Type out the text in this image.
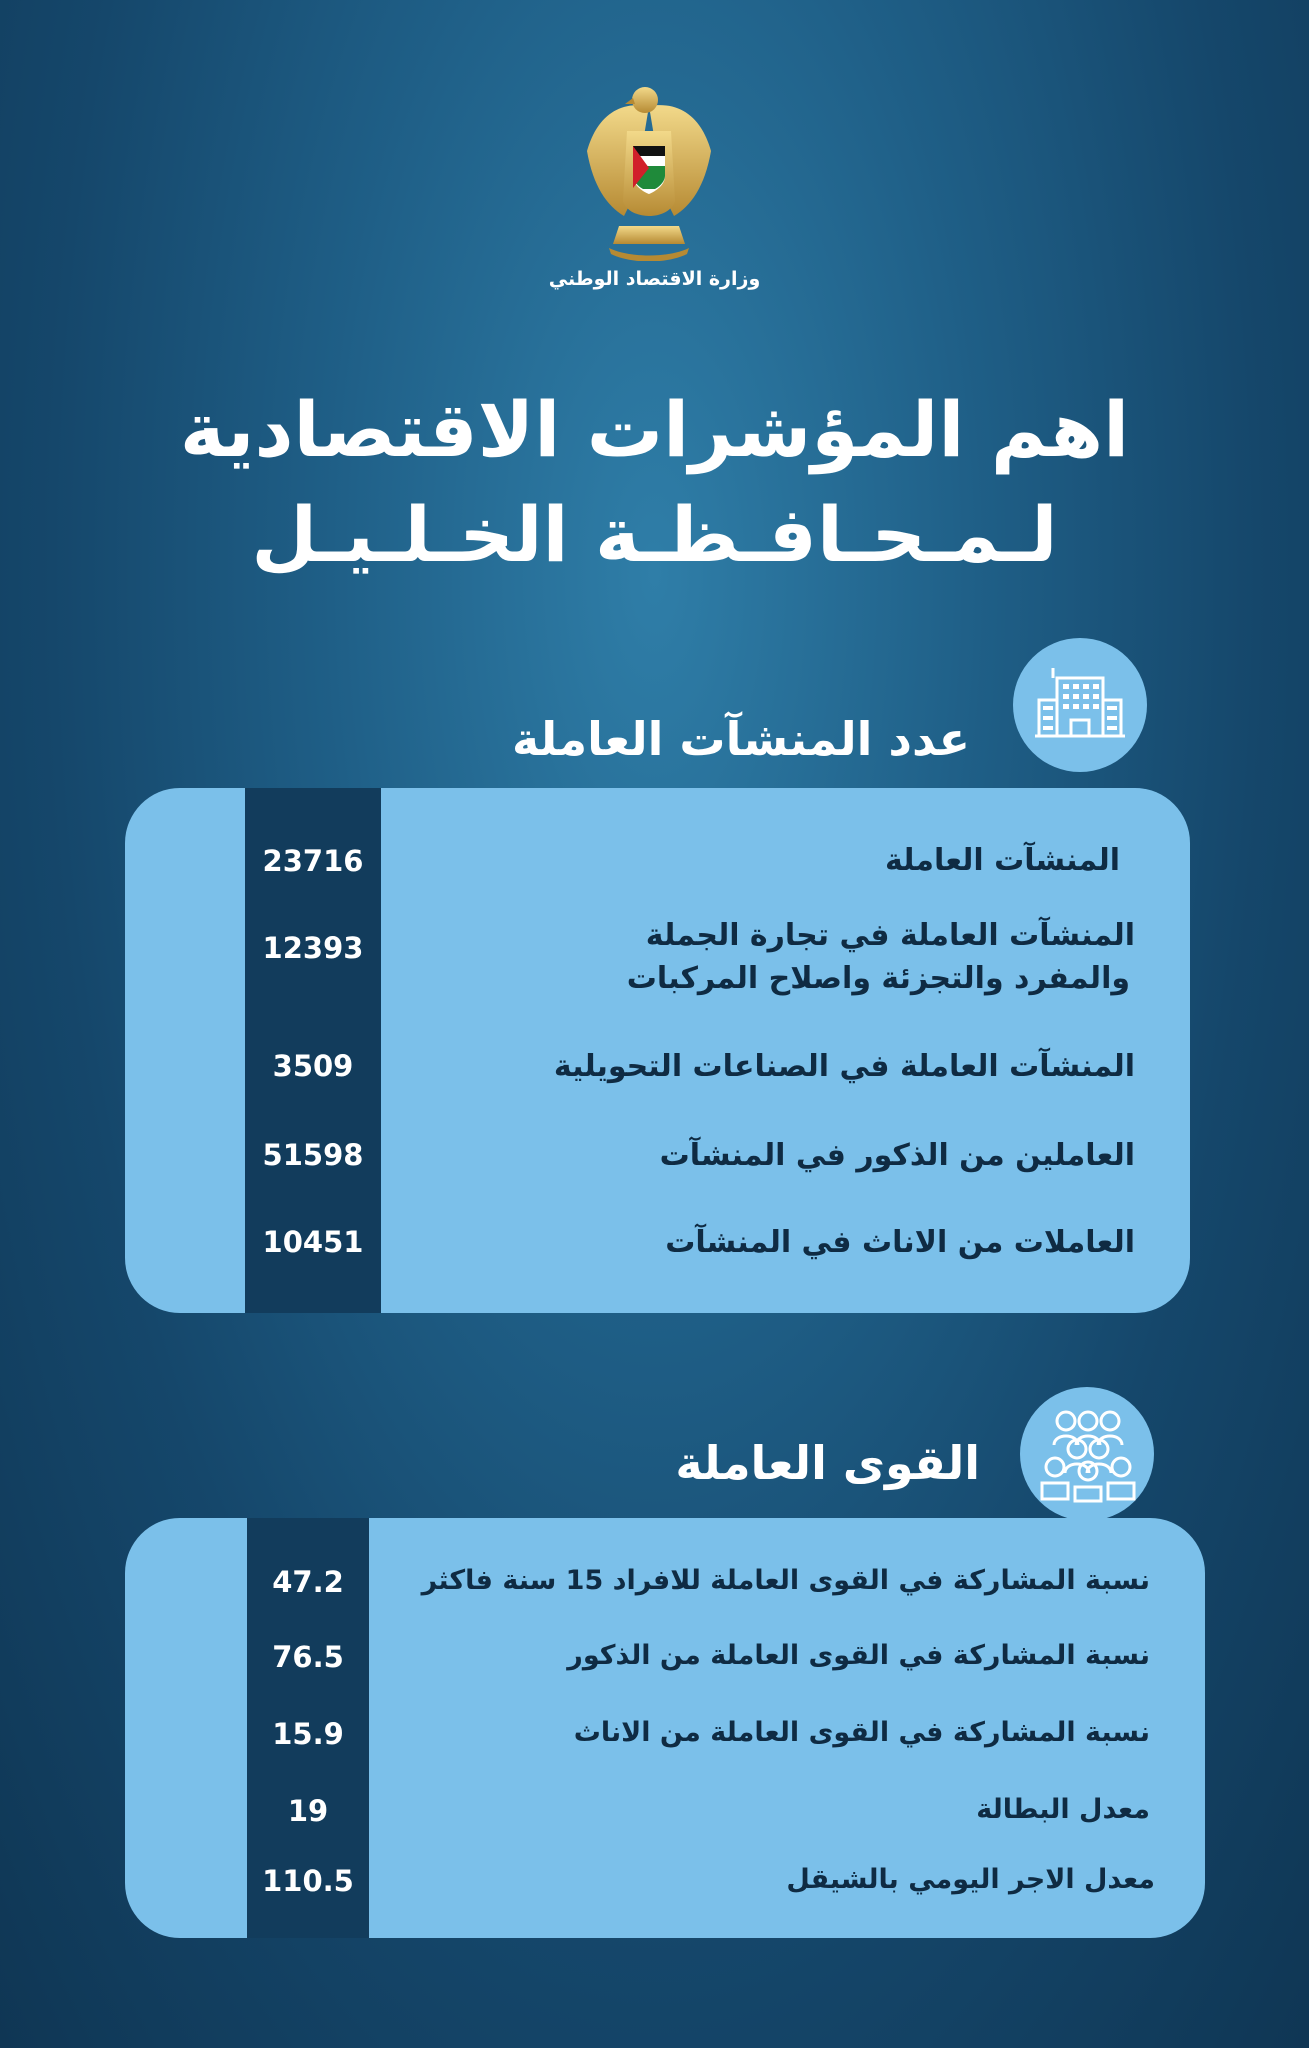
وزارة الاقتصاد الوطني
اهم المؤشرات الاقتصادية
لـمـحـافـظـة الخـلـيـل
عدد المنشآت العاملة
المنشآت العاملة
23716
المنشآت العاملة في تجارة الجملة
والمفرد والتجزئة واصلاح المركبات
12393
المنشآت العاملة في الصناعات التحويلية
3509
العاملين من الذكور في المنشآت
51598
العاملات من الاناث في المنشآت
10451
القوى العاملة
نسبة المشاركة في القوى العاملة للافراد 15 سنة فاكثر
47.2
نسبة المشاركة في القوى العاملة من الذكور
76.5
نسبة المشاركة في القوى العاملة من الاناث
15.9
معدل البطالة
19
معدل الاجر اليومي بالشيقل
110.5
